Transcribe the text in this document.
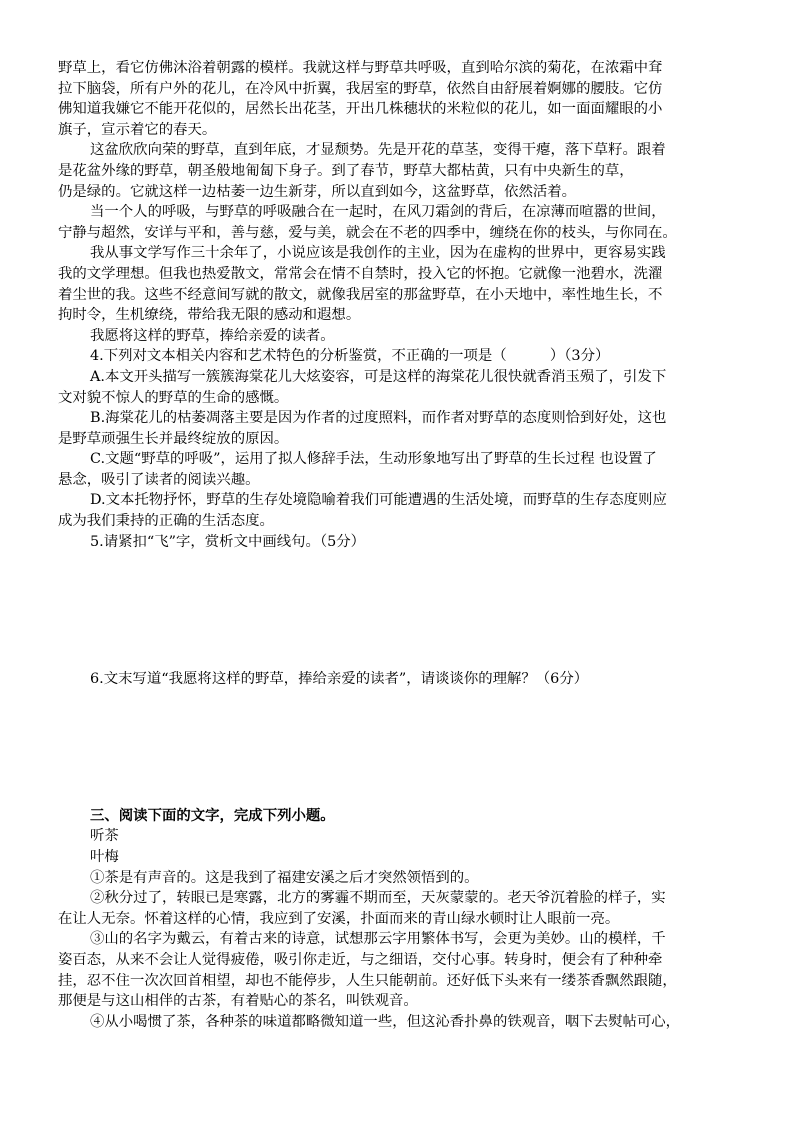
野草上，看它仿佛沐浴着朝露的模样。我就这样与野草共呼吸，直到哈尔滨的菊花，在浓霜中耷
拉下脑袋，所有户外的花儿，在冷风中折翼，我居室的野草，依然自由舒展着婀娜的腰肢。它仿
佛知道我嫌它不能开花似的，居然长出花茎，开出几株穗状的米粒似的花儿，如一面面耀眼的小
旗子，宣示着它的春天。
这盆欣欣向荣的野草，直到年底，才显颓势。先是开花的草茎，变得干瘪，落下草籽。跟着
是花盆外缘的野草，朝圣般地匍匐下身子。到了春节，野草大都枯黄，只有中央新生的草，
仍是绿的。它就这样一边枯萎一边生新芽，所以直到如今，这盆野草，依然活着。
当一个人的呼吸，与野草的呼吸融合在一起时，在风刀霜剑的背后，在凉薄而喧嚣的世间，
宁静与超然，安详与平和，善与慈，爱与美，就会在不老的四季中，缠绕在你的枝头，与你同在。
我从事文学写作三十余年了，小说应该是我创作的主业，因为在虚构的世界中，更容易实践
我的文学理想。但我也热爱散文，常常会在情不自禁时，投入它的怀抱。它就像一池碧水，洗濯
着尘世的我。这些不经意间写就的散文，就像我居室的那盆野草，在小天地中，率性地生长，不
拘时令，生机缭绕，带给我无限的感动和遐想。
我愿将这样的野草，捧给亲爱的读者。
4.下列对文本相关内容和艺术特色的分析鉴赏，不正确的一项是（　　　）（3分）
A.本文开头描写一簇簇海棠花儿大炫姿容，可是这样的海棠花儿很快就香消玉殒了，引发下
文对貌不惊人的野草的生命的感慨。
B.海棠花儿的枯萎凋落主要是因为作者的过度照料，而作者对野草的态度则恰到好处，这也
是野草顽强生长并最终绽放的原因。
C.文题“野草的呼吸”，运用了拟人修辞手法，生动形象地写出了野草的生长过程 也设置了
悬念，吸引了读者的阅读兴趣。
D.文本托物抒怀，野草的生存处境隐喻着我们可能遭遇的生活处境，而野草的生存态度则应
成为我们秉持的正确的生活态度。
5.请紧扣“飞”字，赏析文中画线句。（5分）
6.文末写道“我愿将这样的野草，捧给亲爱的读者”，请谈谈你的理解？（6分）
三、阅读下面的文字，完成下列小题。
听茶
叶梅
①茶是有声音的。这是我到了福建安溪之后才突然领悟到的。
②秋分过了，转眼已是寒露，北方的雾霾不期而至，天灰蒙蒙的。老天爷沉着脸的样子，实
在让人无奈。怀着这样的心情，我应到了安溪，扑面而来的青山绿水顿时让人眼前一亮。
③山的名字为戴云，有着古来的诗意，试想那云字用繁体书写，会更为美妙。山的模样，千
姿百态，从来不会让人觉得疲倦，吸引你走近，与之细语，交付心事。转身时，便会有了种种牵
挂，忍不住一次次回首相望，却也不能停步，人生只能朝前。还好低下头来有一缕茶香飘然跟随，
那便是与这山相伴的古茶，有着贴心的茶名，叫铁观音。
④从小喝惯了茶，各种茶的味道都略微知道一些，但这沁香扑鼻的铁观音，咽下去熨帖可心，
